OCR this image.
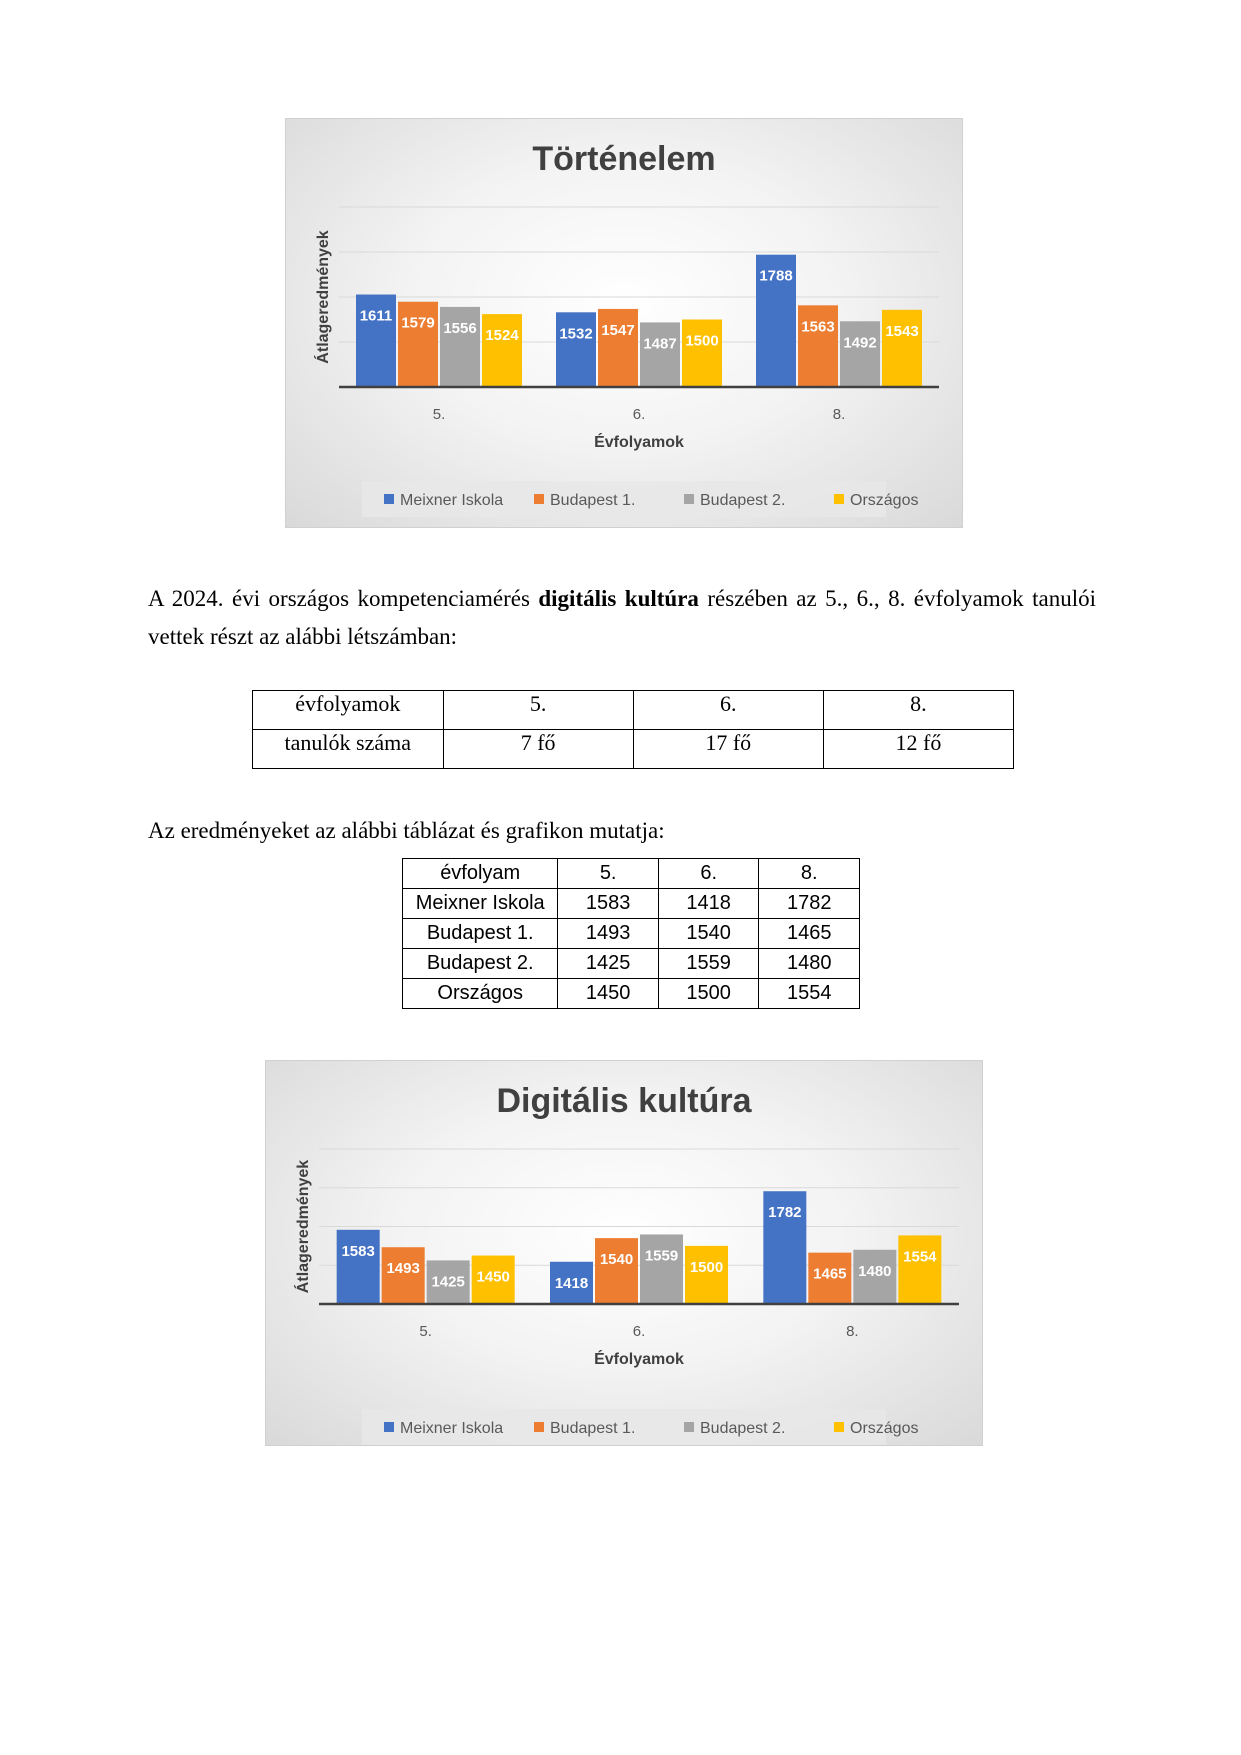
Történelem
1611 1579 1556 1524
5.
1532 1547
1487 1500
6.
1788
1563
1492
1543
8.
Évfolyamok
Átlageredmények
Meixner Iskola	Budapest 1.	Budapest 2.	Országos
A 2024. évi országos kompetenciamérés digitális kultúra részében az 5., 6., 8. évfolyamok tanulói vettek részt az alábbi létszámban:
évfolyamok	5.	6.	8.
tanulók száma	7 fő	17 fő	12 fő
Az eredményeket az alábbi táblázat és grafikon mutatja:
évfolyam	5.	6.	8.
Meixner Iskola	1583	1418	1782
Budapest 1.	1493	1540	1465
Budapest 2.	1425	1559	1480
Országos	1450	1500	1554
Digitális kultúra
1583
1493
1425 1450
5.
1418
1540 1559
1500
6.
1782
1465 1480
1554
8.
Évfolyamok
Átlageredmények
Meixner Iskola	Budapest 1.	Budapest 2.	Országos
